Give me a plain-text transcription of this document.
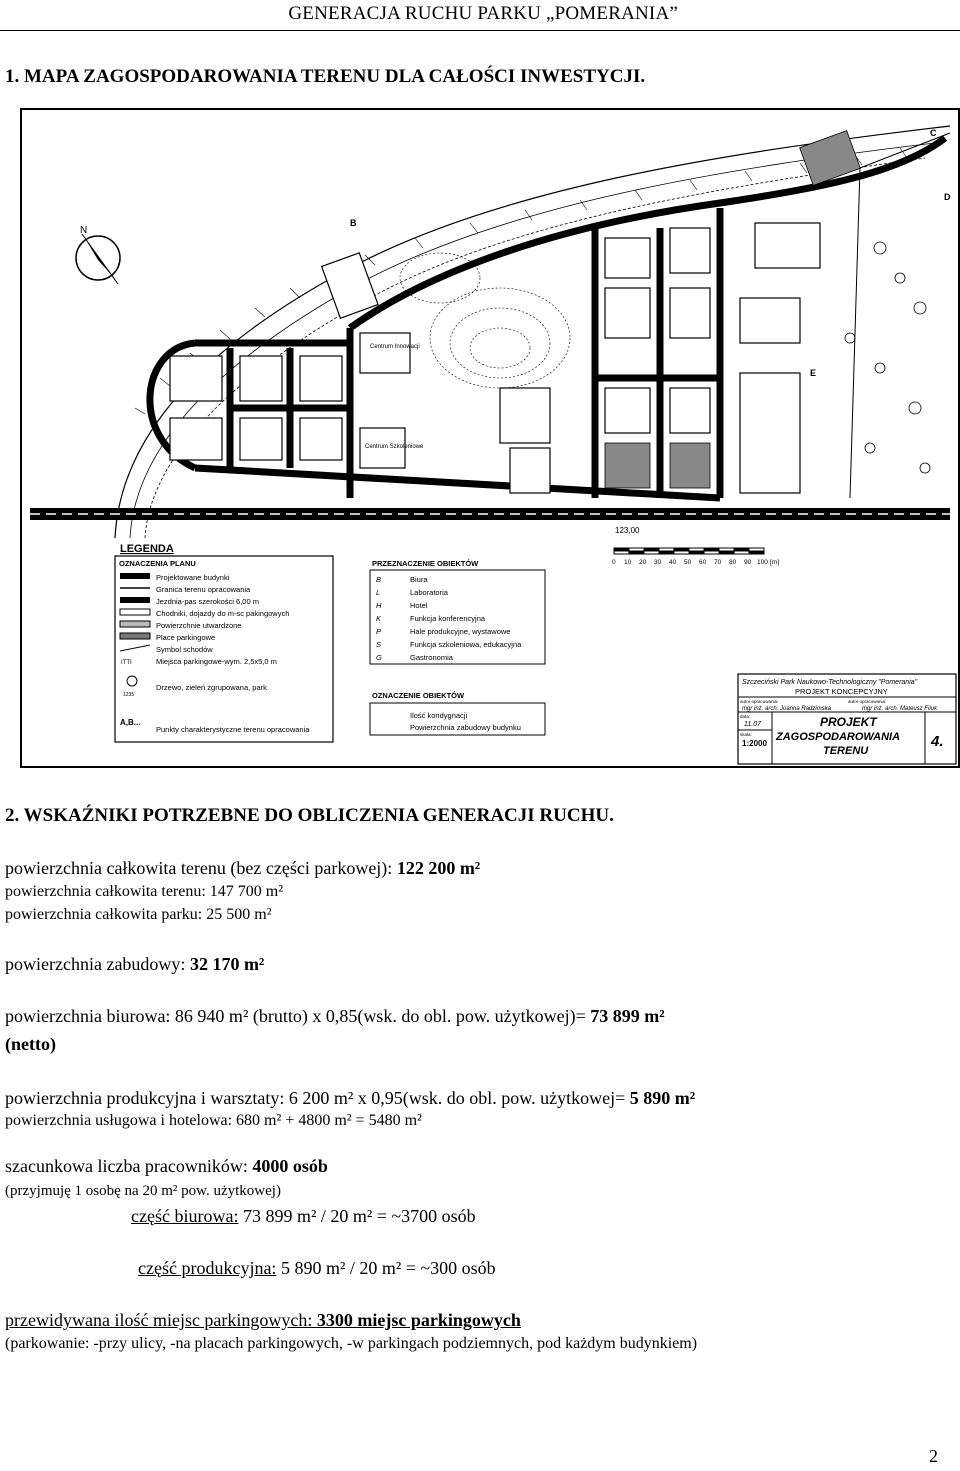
GENERACJA RUCHU PARKU „POMERANIA”
1. MAPA ZAGOSPODAROWANIA TERENU DLA CAŁOŚCI INWESTYCJI.
N
123,00
Centrum Innowacji
Centrum Szkoleniowe
B
C
D
E
LEGENDA
OZNACZENIA PLANU
Projektowane budynki
Granica terenu opracowania
Jezdnia-pas szerokości 6,00 m
Chodniki, dojazdy do m-sc pakingowych
Powierzchnie utwardzone
Place parkingowe
Symbol schodów
ITTI	Miejsca parkingowe-wym. 2,5x5,0 m
1235
Drzewo, zieleń zgrupowana, park
A,B...
Punkty charakterystyczne terenu opracowania
PRZEZNACZENIE OBIEKTÓW
B	Biura
L	Laboratoria
H	Hotel
K	Funkcja konferencyjna
P	Hale produkcyjne, wystawowe
S	Funkcja szkoleniowa, edukacyjna
G	Gastronomia
OZNACZENIE OBIEKTÓW
Ilość kondygnacji
Powierzchnia zabudowy budynku
0 10 20 30 40 50 60 70 80 90 100 [m]
Szczeciński Park Naukowo-Technologiczny "Pomerania"
PROJEKT KONCEPCYJNY
autor opracowania:	autor opracowania:
mgr inż. arch. Joanna Radzimska	mgr inż. arch. Mateusz Filuk
data:
11.07
skala:
1:2000
PROJEKT
ZAGOSPODAROWANIA
TERENU
4.
2. WSKAŹNIKI POTRZEBNE DO OBLICZENIA GENERACJI RUCHU.
powierzchnia całkowita terenu (bez części parkowej): 122 200 m²
powierzchnia całkowita terenu: 147 700 m²
powierzchnia całkowita parku: 25 500 m²
powierzchnia zabudowy: 32 170 m²
powierzchnia biurowa: 86 940 m² (brutto) x 0,85(wsk. do obl. pow. użytkowej)= 73 899 m²
(netto)
powierzchnia produkcyjna i warsztaty: 6 200 m² x 0,95(wsk. do obl. pow. użytkowej= 5 890 m²
powierzchnia usługowa i hotelowa: 680 m² + 4800 m² = 5480 m²
szacunkowa liczba pracowników: 4000 osób
(przyjmuję 1 osobę na 20 m² pow. użytkowej)
część biurowa: 73 899 m² / 20 m² = ~3700 osób
część produkcyjna: 5 890 m² / 20 m² = ~300 osób
przewidywana ilość miejsc parkingowych: 3300 miejsc parkingowych
(parkowanie: -przy ulicy, -na placach parkingowych, -w parkingach podziemnych, pod każdym budynkiem)
2
